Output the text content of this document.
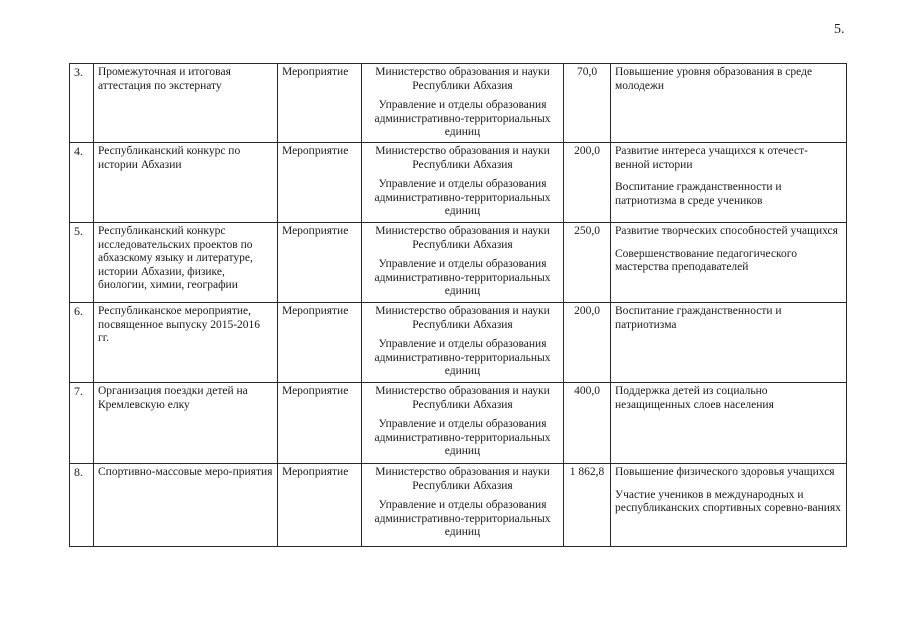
5.
3.	Промежуточная и итоговая аттестация по экстернату	Мероприятие	Министерство образования и науки Республики Абхазия
Управление и отделы образования административно-территориальных единиц	70,0	Повышение уровня образования в среде молодежи

4.	Республиканский конкурс по истории Абхазии	Мероприятие	Министерство образования и науки Республики Абхазия
Управление и отделы образования административно-территориальных единиц	200,0	Развитие интереса учащихся к отечест-венной истории
Воспитание гражданственности и патриотизма в среде учеников

5.	Республиканский конкурс исследовательских проектов по абхазскому языку и литературе, истории Абхазии, физике, биологии, химии, географии	Мероприятие	Министерство образования и науки Республики Абхазия
Управление и отделы образования административно-территориальных единиц	250,0	Развитие творческих способностей учащихся
Совершенствование педагогического мастерства преподавателей

6.	Республиканское мероприятие, посвященное выпуску 2015-2016 гг.	Мероприятие	Министерство образования и науки Республики Абхазия
Управление и отделы образования административно-территориальных единиц	200,0	Воспитание гражданственности и патриотизма

7.	Организация поездки детей на Кремлевскую елку	Мероприятие	Министерство образования и науки Республики Абхазия
Управление и отделы образования административно-территориальных единиц	400,0	Поддержка детей из социально незащищенных слоев населения

8.	Спортивно-массовые меро-приятия	Мероприятие	Министерство образования и науки Республики Абхазия
Управление и отделы образования административно-территориальных единиц	1 862,8	Повышение физического здоровья учащихся
Участие учеников в международных и республиканских спортивных соревно-ваниях
